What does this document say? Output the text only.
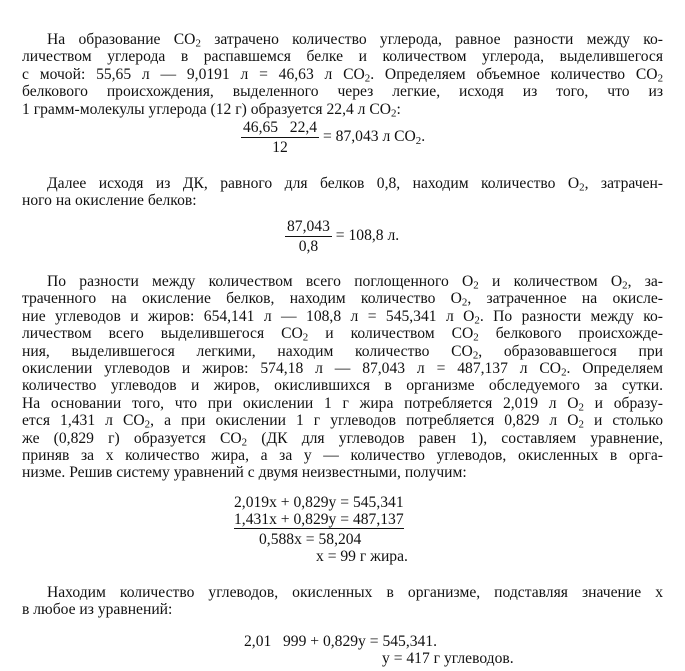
На образование $CO_2$ затрачено количество углерода, равное разности между ко-
личеством углерода в распавшемся белке и количеством углерода, выделившегося
с мочой: 55,65 л — 9,0191 л = 46,63 л $CO_2$. Определяем объемное количество $CO_2$
белкового происхождения, выделенного через легкие, исходя из того, что из
1 грамм-молекулы углерода (12 г) образуется 22,4 л $CO_2$:
$\frac{46,65 22,4}{12} = 87,043$ л $CO_2$.
Далее исходя из ДК, равного для белков 0,8, находим количество $O_2$, затрачен-
ного на окисление белков:
$\frac{87,043}{0,8} = 108,8$ л.
По разности между количеством всего поглощенного $O_2$ и количеством $O_2$, за-
траченного на окисление белков, находим количество $O_2$, затраченное на окисле-
ние углеводов и жиров: 654,141 л — 108,8 л = 545,341 л $O_2$. По разности между ко-
личеством всего выделившегося $CO_2$ и количеством $CO_2$ белкового происхожде-
ния, выделившегося легкими, находим количество $CO_2$, образовавшегося при
окислении углеводов и жиров: 574,18 л — 87,043 л = 487,137 л $CO_2$. Определяем
количество углеводов и жиров, окислившихся в организме обследуемого за сутки.
На основании того, что при окислении 1 г жира потребляется 2,019 л $O_2$ и образу-
ется 1,431 л $CO_2$, а при окислении 1 г углеводов потребляется 0,829 л $O_2$ и столько
же (0,829 г) образуется $CO_2$ (ДК для углеводов равен 1), составляем уравнение,
приняв за x количество жира, а за y — количество углеводов, окисленных в орга-
низме. Решив систему уравнений с двумя неизвестными, получим:
2,019x + 0,829y = 545,341
1,431x + 0,829y = 487,137
0,588x = 58,204
x = 99 г жира.
Находим количество углеводов, окисленных в организме, подставляя значение x
в любое из уравнений:
2,01   999 + 0,829y = 545,341.
y = 417 г углеводов.
